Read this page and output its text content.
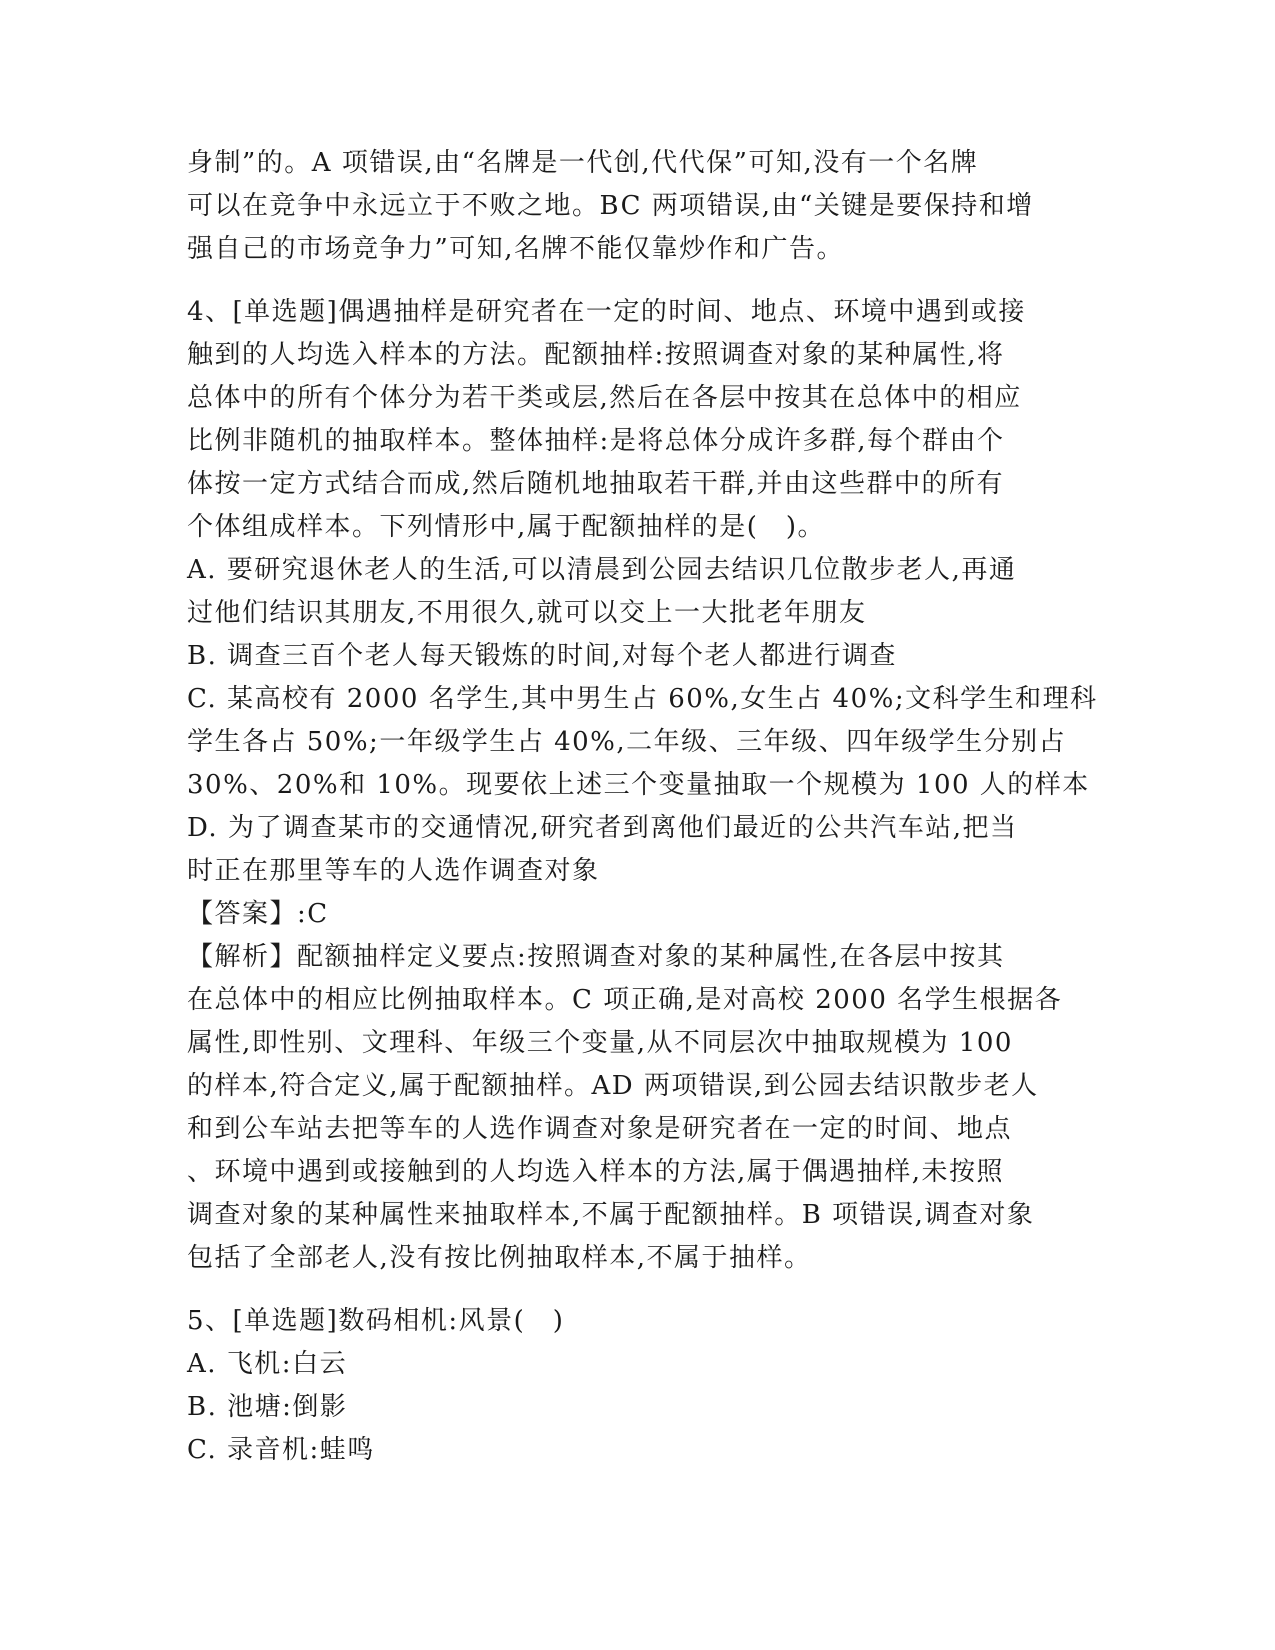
身制”的。A 项错误,由“名牌是一代创,代代保”可知,没有一个名牌
可以在竞争中永远立于不败之地。BC 两项错误,由“关键是要保持和增
强自己的市场竞争力”可知,名牌不能仅靠炒作和广告。
4、[单选题]偶遇抽样是研究者在一定的时间、地点、环境中遇到或接
触到的人均选入样本的方法。配额抽样:按照调查对象的某种属性,将
总体中的所有个体分为若干类或层,然后在各层中按其在总体中的相应
比例非随机的抽取样本。整体抽样:是将总体分成许多群,每个群由个
体按一定方式结合而成,然后随机地抽取若干群,并由这些群中的所有
个体组成样本。下列情形中,属于配额抽样的是(　)。
A. 要研究退休老人的生活,可以清晨到公园去结识几位散步老人,再通
过他们结识其朋友,不用很久,就可以交上一大批老年朋友
B. 调查三百个老人每天锻炼的时间,对每个老人都进行调查
C. 某高校有 2000 名学生,其中男生占 60%,女生占 40%;文科学生和理科
学生各占 50%;一年级学生占 40%,二年级、三年级、四年级学生分别占
30%、20%和 10%。现要依上述三个变量抽取一个规模为 100 人的样本
D. 为了调查某市的交通情况,研究者到离他们最近的公共汽车站,把当
时正在那里等车的人选作调查对象
【答案】:C
【解析】配额抽样定义要点:按照调查对象的某种属性,在各层中按其
在总体中的相应比例抽取样本。C 项正确,是对高校 2000 名学生根据各
属性,即性别、文理科、年级三个变量,从不同层次中抽取规模为 100
的样本,符合定义,属于配额抽样。AD 两项错误,到公园去结识散步老人
和到公车站去把等车的人选作调查对象是研究者在一定的时间、地点
、环境中遇到或接触到的人均选入样本的方法,属于偶遇抽样,未按照
调查对象的某种属性来抽取样本,不属于配额抽样。B 项错误,调查对象
包括了全部老人,没有按比例抽取样本,不属于抽样。
5、[单选题]数码相机:风景(　)
A. 飞机:白云
B. 池塘:倒影
C. 录音机:蛙鸣
